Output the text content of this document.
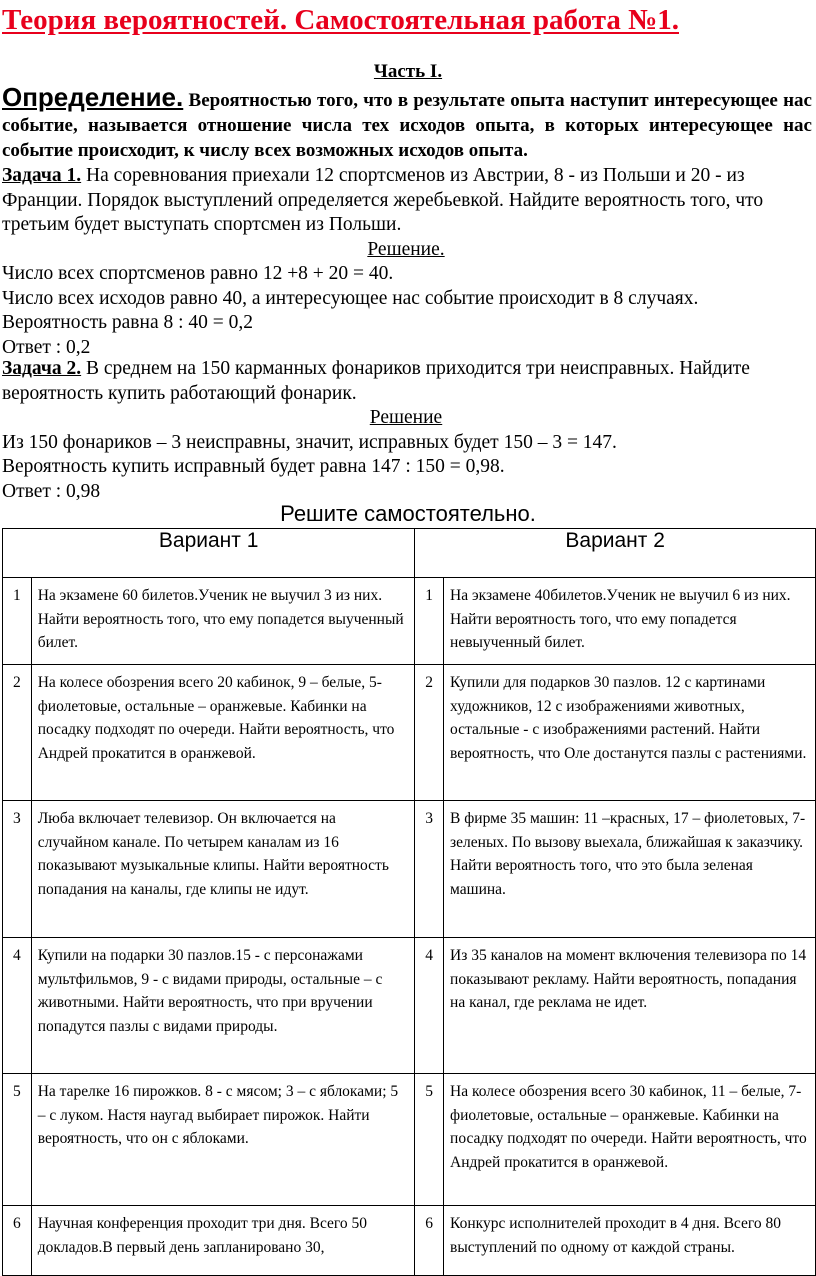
Теория вероятностей. Самостоятельная работа №1.
Часть I.
Определение. Вероятностью того, что в результате опыта наступит интересующее нас событие, называется отношение числа тех исходов опыта, в которых интересующее нас событие происходит, к числу всех возможных исходов опыта.
Задача 1. На соревнования приехали 12 спортсменов из Австрии, 8 - из Польши и 20 - из Франции. Порядок выступлений определяется жеребьевкой. Найдите вероятность того, что третьим будет выступать спортсмен из Польши.
Решение.
Число всех спортсменов равно 12 +8 + 20 = 40.
Число всех исходов равно 40, а интересующее нас событие происходит в 8 случаях.
Вероятность равна 8 : 40 = 0,2
Ответ : 0,2
Задача 2. В среднем на 150 карманных фонариков приходится три неисправных. Найдите вероятность купить работающий фонарик.
Решение
Из 150 фонариков – 3 неисправны, значит, исправных будет 150 – 3 = 147.
Вероятность купить исправный будет равна 147 : 150 = 0,98.
Ответ : 0,98
Решите самостоятельно.
Вариант 1		Вариант 2	
1	На экзамене 60 билетов.Ученик не выучил 3 из них. Найти вероятность того, что ему попадется выученный билет.	1	На экзамене 40билетов.Ученик не выучил 6 из них. Найти вероятность того, что ему попадется невыученный билет.
2	На колесе обозрения всего 20 кабинок, 9 – белые, 5- фиолетовые, остальные – оранжевые. Кабинки на посадку подходят по очереди. Найти вероятность, что Андрей прокатится в оранжевой.	2	Купили для подарков 30 пазлов. 12 с картинами художников, 12 с изображениями животных, остальные - с изображениями растений. Найти вероятность, что Оле достанутся пазлы с растениями.
3	Люба включает телевизор. Он включается на случайном канале. По четырем каналам из 16 показывают музыкальные клипы. Найти вероятность попадания на каналы, где клипы не идут.	3	В фирме 35 машин: 11 –красных, 17 – фиолетовых, 7- зеленых. По вызову выехала, ближайшая к заказчику. Найти вероятность того, что это была зеленая машина.
4	Купили на подарки 30 пазлов.15 - с персонажами мультфильмов, 9 - с видами природы, остальные – с животными. Найти вероятность, что при вручении попадутся пазлы с видами природы.	4	Из 35 каналов на момент включения телевизора по 14 показывают рекламу. Найти вероятность, попадания на канал, где реклама не идет.
5	На тарелке 16 пирожков. 8 - с мясом; 3 – с яблоками; 5 – с луком. Настя наугад выбирает пирожок. Найти вероятность, что он с яблоками.	5	На колесе обозрения всего 30 кабинок, 11 – белые, 7- фиолетовые, остальные – оранжевые. Кабинки на посадку подходят по очереди. Найти вероятность, что Андрей прокатится в оранжевой.
6	Научная конференция проходит три дня. Всего 50 докладов.В первый день запланировано 30,	6	Конкурс исполнителей проходит в 4 дня. Всего 80 выступлений по одному от каждой страны.
